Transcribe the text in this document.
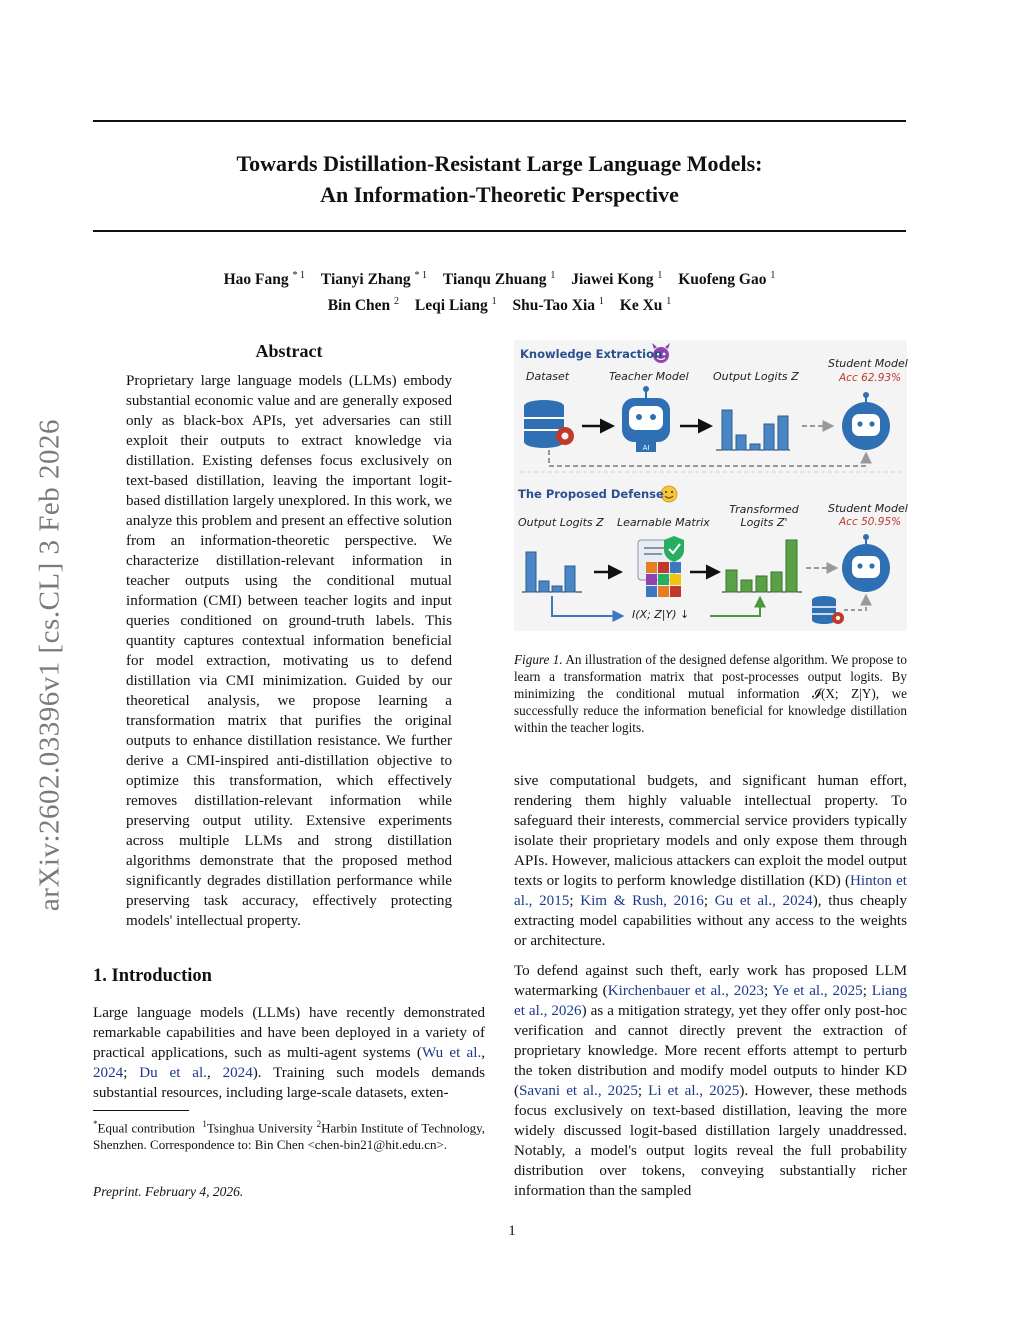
arXiv:2602.03396v1 [cs.CL] 3 Feb 2026
Towards Distillation-Resistant Large Language Models:
An Information-Theoretic Perspective
Hao Fang $^{* 1}$ Tianyi Zhang $^{* 1}$ Tianqu Zhuang $^1$ Jiawei Kong $^1$ Kuofeng Gao $^1$
Bin Chen $^2$ Leqi Liang $^1$ Shu-Tao Xia $^1$ Ke Xu $^1$
Abstract
Proprietary large language models (LLMs) embody substantial economic value and are generally exposed only as black-box APIs, yet adversaries can still exploit their outputs to extract knowledge via distillation. Existing defenses focus exclusively on text-based distillation, leaving the important logit-based distillation largely unexplored. In this work, we analyze this problem and present an effective solution from an information-theoretic perspective. We characterize distillation-relevant information in teacher outputs using the conditional mutual information (CMI) between teacher logits and input queries conditioned on ground-truth labels. This quantity captures contextual information beneficial for model extraction, motivating us to defend distillation via CMI minimization. Guided by our theoretical analysis, we propose learning a transformation matrix that purifies the original outputs to enhance distillation resistance. We further derive a CMI-inspired anti-distillation objective to optimize this transformation, which effectively removes distillation-relevant information while preserving output utility. Extensive experiments across multiple LLMs and strong distillation algorithms demonstrate that the proposed method significantly degrades distillation performance while preserving task accuracy, effectively protecting models' intellectual property.
1. Introduction
Large language models (LLMs) have recently demonstrated remarkable capabilities and have been deployed in a variety of practical applications, such as multi-agent systems (Wu et al., 2024; Du et al., 2024). Training such models demands substantial resources, including large-scale datasets, exten-
*Equal contribution $^1$Tsinghua University $^2$Harbin Institute of Technology, Shenzhen. Correspondence to: Bin Chen <chen-bin21@hit.edu.cn>.
Preprint. February 4, 2026.
AI
Knowledge Extraction
Dataset	Teacher Model Output Logits Z
Student Model
Acc 62.93%
The Proposed Defense
Output Logits Z Learnable Matrix
Transformed
Logits Z'
Student Model
Acc 50.95%
I(X; Z|Y) ↓
Figure 1. An illustration of the designed defense algorithm. We propose to learn a transformation matrix that post-processes output logits. By minimizing the conditional mutual information 𝓘(X; Z|Y), we successfully reduce the information beneficial for knowledge distillation within the teacher logits.
sive computational budgets, and significant human effort, rendering them highly valuable intellectual property. To safeguard their interests, commercial service providers typically isolate their proprietary models and only expose them through APIs. However, malicious attackers can exploit the model output texts or logits to perform knowledge distillation (KD) (Hinton et al., 2015; Kim & Rush, 2016; Gu et al., 2024), thus cheaply extracting model capabilities without any access to the weights or architecture.
To defend against such theft, early work has proposed LLM watermarking (Kirchenbauer et al., 2023; Ye et al., 2025; Liang et al., 2026) as a mitigation strategy, yet they offer only post-hoc verification and cannot directly prevent the extraction of proprietary knowledge. More recent efforts attempt to perturb the token distribution and modify model outputs to hinder KD (Savani et al., 2025; Li et al., 2025). However, these methods focus exclusively on text-based distillation, leaving the more widely discussed logit-based distillation largely unaddressed. Notably, a model's output logits reveal the full probability distribution over tokens, conveying substantially richer information than the sampled
1
